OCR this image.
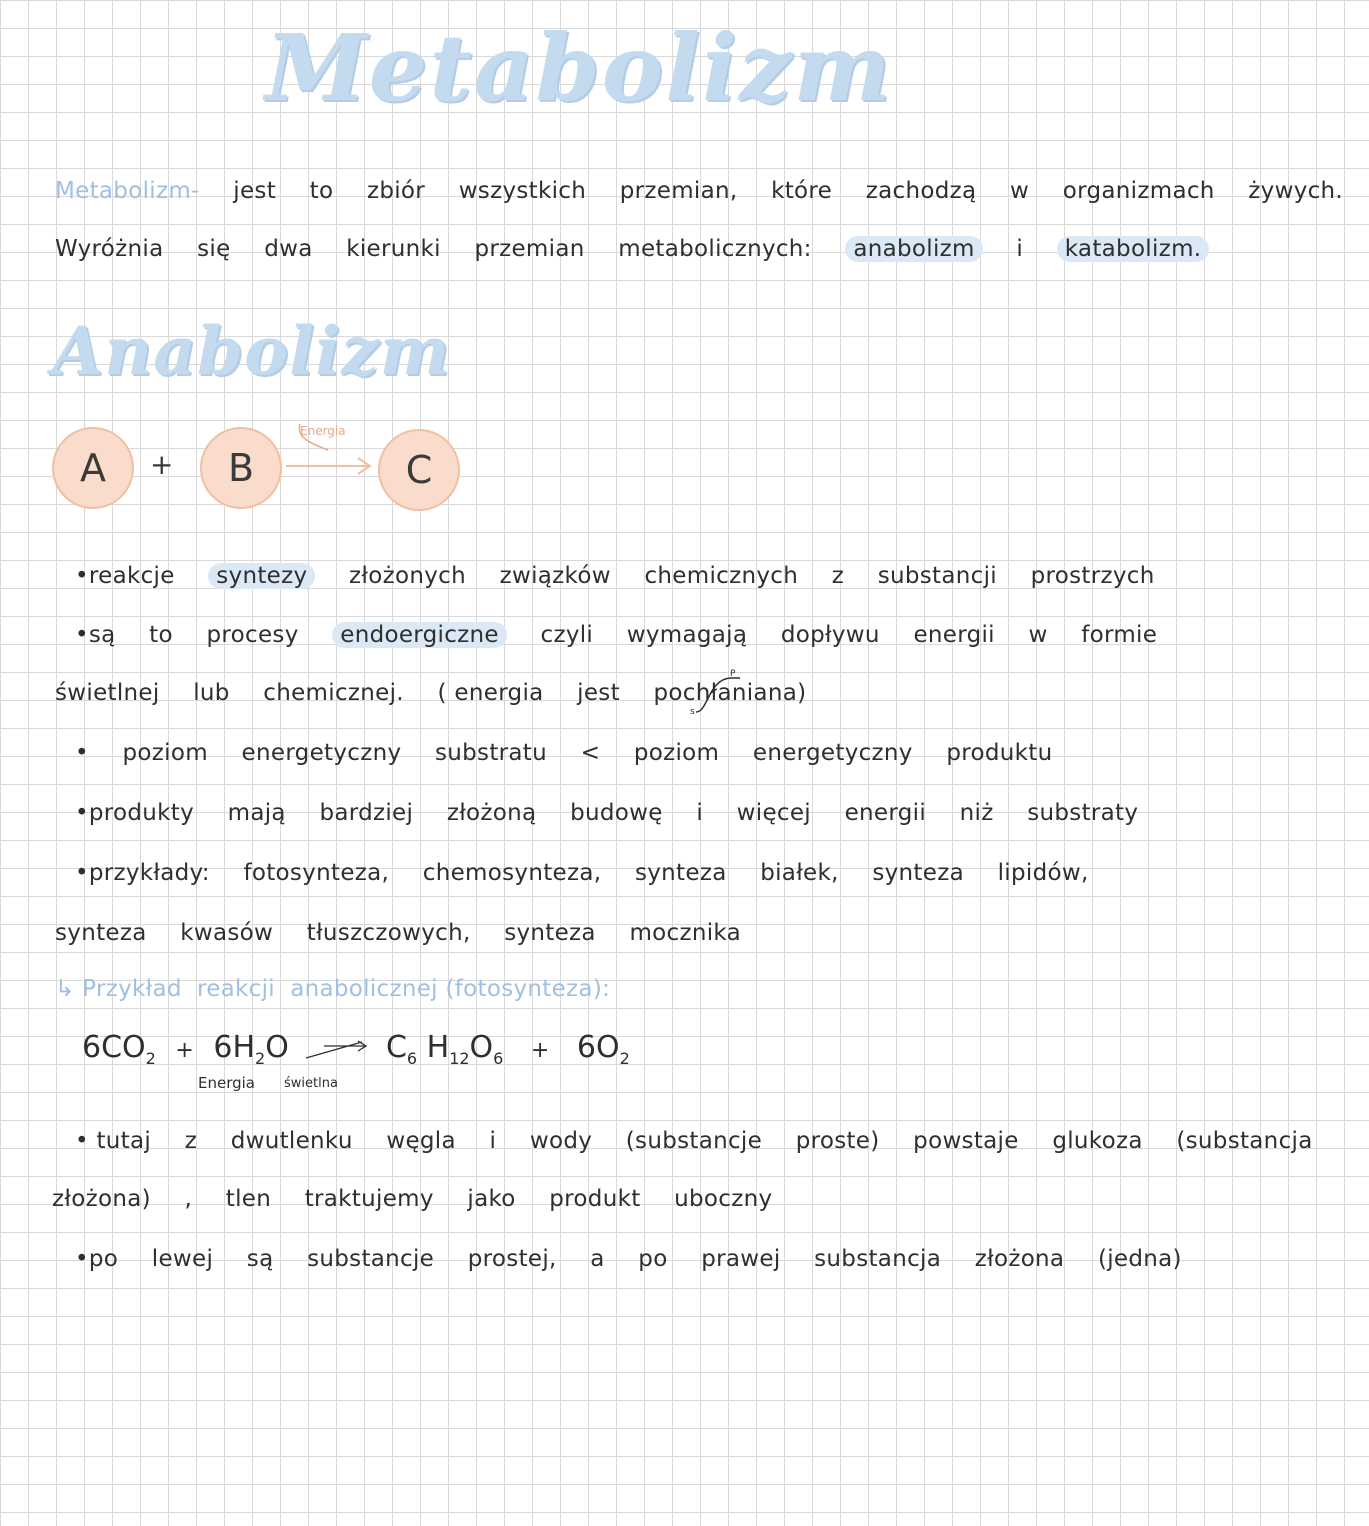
Metabolizm
Metabolizm- jest to zbiór wszystkich przemian, które zachodzą w organizmach żywych.
Wyróżnia się dwa kierunki przemian metabolicznych: anabolizm i katabolizm.
Anabolizm
A	+	B
Energia
C
•reakcje syntezy złożonych związków chemicznych z substancji prostrzych
•są to procesy endoergiczne czyli wymagają dopływu energii w formie
świetlnej lub chemicznej. ( energia jest pochłaniana)
s
P
• poziom energetyczny substratu < poziom energetyczny produktu
•produkty mają bardziej złożoną budowę i więcej energii niż substraty
•przykłady: fotosynteza, chemosynteza, synteza białek, synteza lipidów,
synteza kwasów tłuszczowych, synteza mocznika
↳ Przykład  reakcji  anabolicznej (fotosynteza):
$6CO_2 + 6H_2O$	$C_6$ $H_{12}O_6 + 6O_2$
Energia świetlna
• tutaj z dwutlenku węgla i wody (substancje proste) powstaje glukoza (substancja
złożona) , tlen traktujemy jako produkt uboczny
•po lewej są substancje prostej, a po prawej substancja złożona (jedna)
